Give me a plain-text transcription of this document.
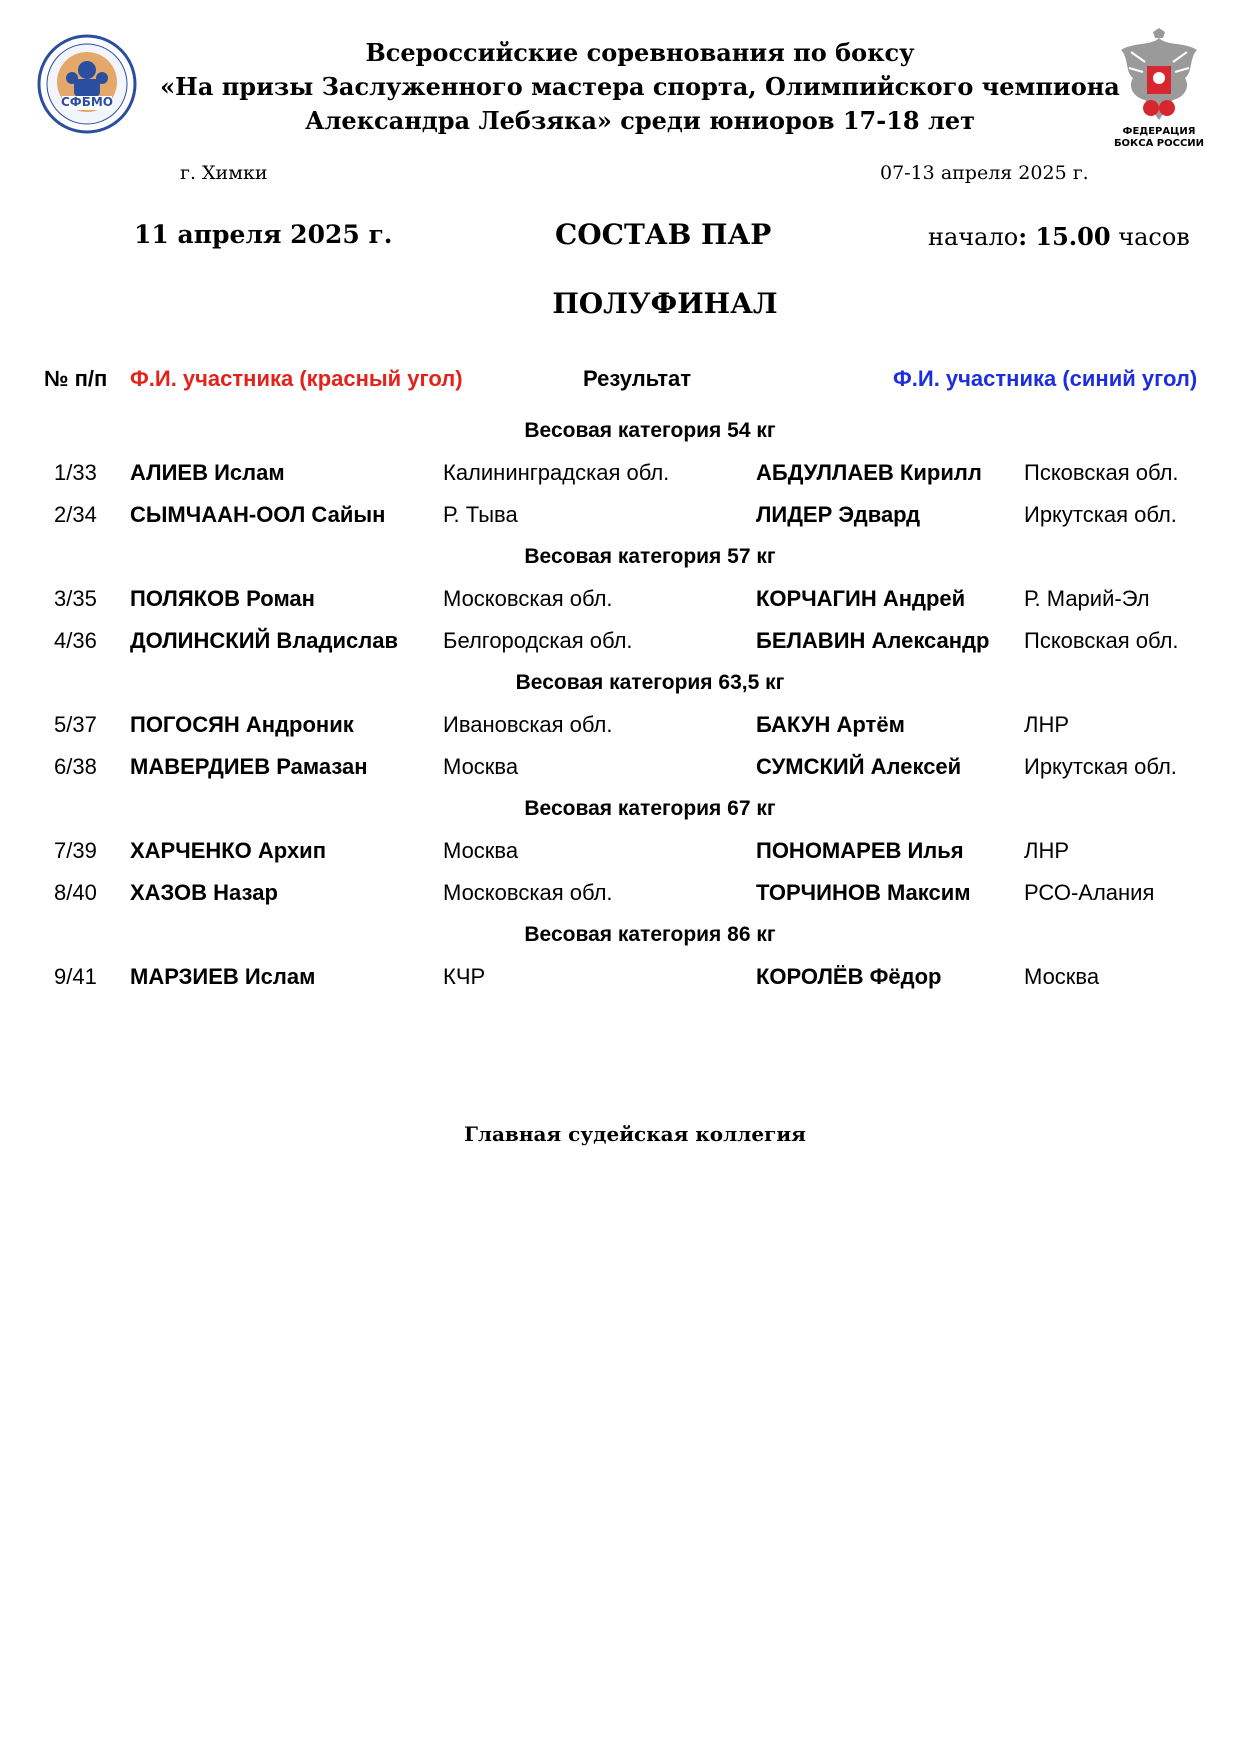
СФБМО
ФЕДЕРАЦИЯ
БОКСА РОССИИ
Всероссийские соревнования по боксу
«На призы Заслуженного мастера спорта, Олимпийского чемпиона
Александра Лебзяка» среди юниоров 17-18 лет
г. Химки	07-13 апреля 2025 г.
11 апреля 2025 г.	СОСТАВ ПАР	начало: 15.00 часов
ПОЛУФИНАЛ
№ п/п Ф.И. участника (красный угол)	Результат	Ф.И. участника (синий угол)
Весовая категория 54 кг
1/33 АЛИЕВ Ислам	Калининградская обл.	АБДУЛЛАЕВ Кирилл Псковская обл.
2/34 СЫМЧААН-ООЛ Сайын	Р. Тыва	ЛИДЕР Эдвард	Иркутская обл.
Весовая категория 57 кг
3/35 ПОЛЯКОВ Роман	Московская обл.	КОРЧАГИН Андрей	Р. Марий-Эл
4/36 ДОЛИНСКИЙ Владислав Белгородская обл.	БЕЛАВИН Александр Псковская обл.
Весовая категория 63,5 кг
5/37 ПОГОСЯН Андроник	Ивановская обл.	БАКУН Артём	ЛНР
6/38 МАВЕРДИЕВ Рамазан	Москва	СУМСКИЙ Алексей	Иркутская обл.
Весовая категория 67 кг
7/39 ХАРЧЕНКО Архип	Москва	ПОНОМАРЕВ Илья	ЛНР
8/40 ХАЗОВ Назар	Московская обл.	ТОРЧИНОВ Максим РСО-Алания
Весовая категория 86 кг
9/41 МАРЗИЕВ Ислам	КЧР	КОРОЛЁВ Фёдор	Москва
Главная судейская коллегия
